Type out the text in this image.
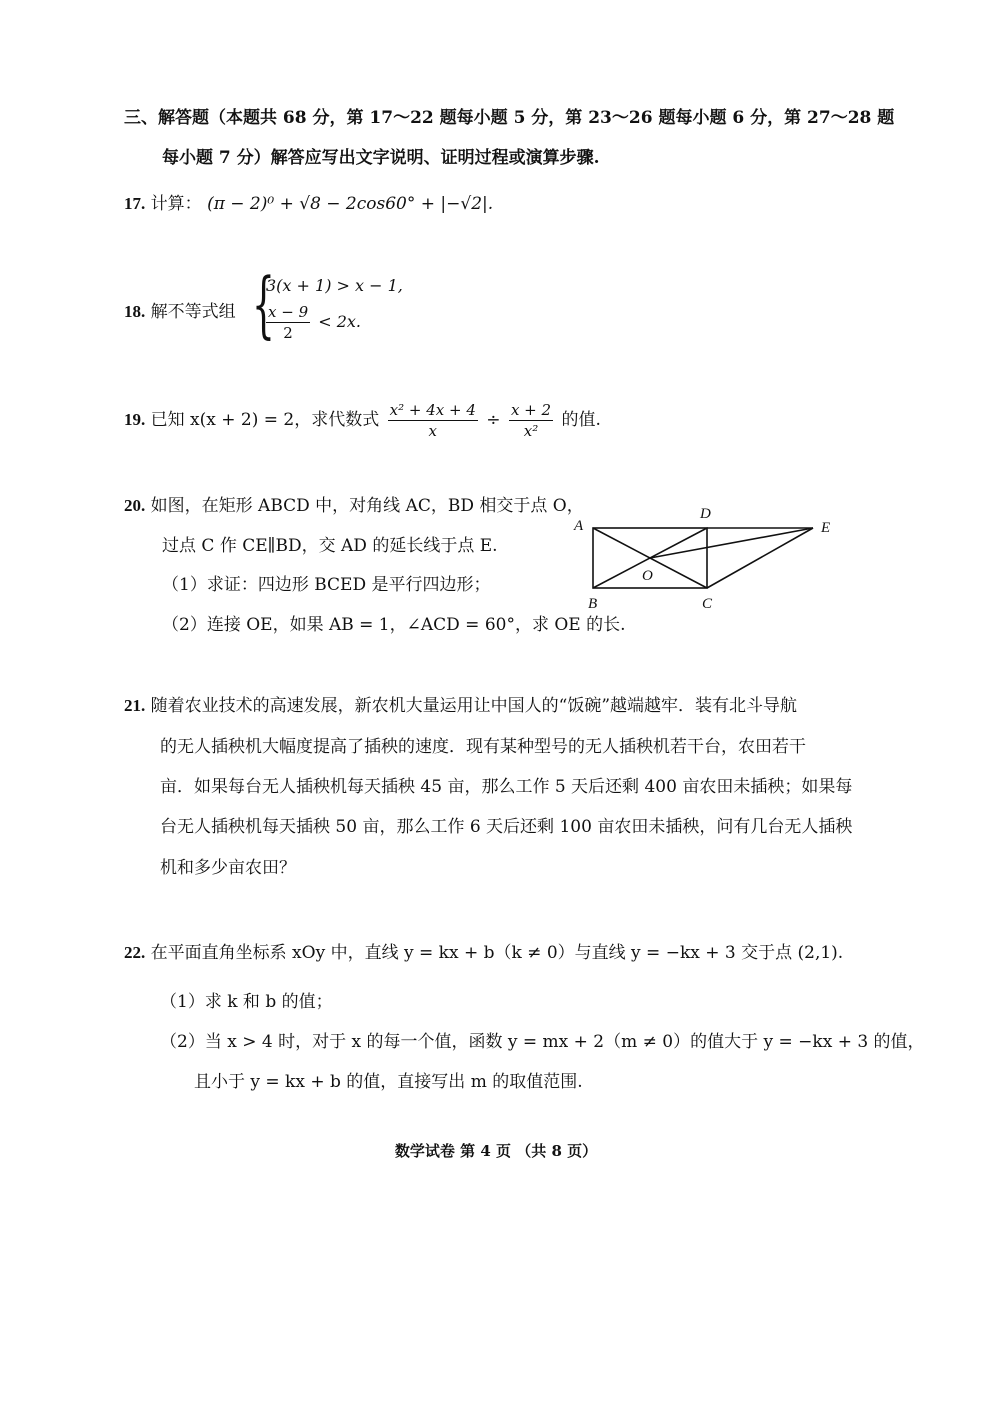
三、解答题（本题共 68 分，第 17～22 题每小题 5 分，第 23～26 题每小题 6 分，第 27～28 题
每小题 7 分）解答应写出文字说明、证明过程或演算步骤.
17. 计算： (π − 2)⁰ + √8 − 2cos60° + |−√2|.
18. 解不等式组 {
3(x + 1) > x − 1,
$\frac{x - 9}{2} < 2x$.
19. 已知 x(x + 2) = 2，求代数式 $\frac{\text{x² + 4x + 4}}{x} \div \frac{x + 2}{\text{x²}}$ 的值.
20. 如图，在矩形 ABCD 中，对角线 AC，BD 相交于点 O，
过点 C 作 CE∥BD，交 AD 的延长线于点 E.
（1）求证：四边形 BCED 是平行四边形；
（2）连接 OE，如果 AB = 1，∠ACD = 60°，求 OE 的长.
A
D
E
O
B	C
21. 随着农业技术的高速发展，新农机大量运用让中国人的“饭碗”越端越牢．装有北斗导航
的无人插秧机大幅度提高了插秧的速度．现有某种型号的无人插秧机若干台，农田若干
亩．如果每台无人插秧机每天插秧 45 亩，那么工作 5 天后还剩 400 亩农田未插秧；如果每
台无人插秧机每天插秧 50 亩，那么工作 6 天后还剩 100 亩农田未插秧，问有几台无人插秧
机和多少亩农田？
22. 在平面直角坐标系 xOy 中，直线 y = kx + b（k ≠ 0）与直线 y = −kx + 3 交于点 (2,1).
（1）求 k 和 b 的值；
（2）当 x > 4 时，对于 x 的每一个值，函数 y = mx + 2（m ≠ 0）的值大于 y = −kx + 3 的值，
且小于 y = kx + b 的值，直接写出 m 的取值范围.
数学试卷 第 4 页 （共 8 页）
